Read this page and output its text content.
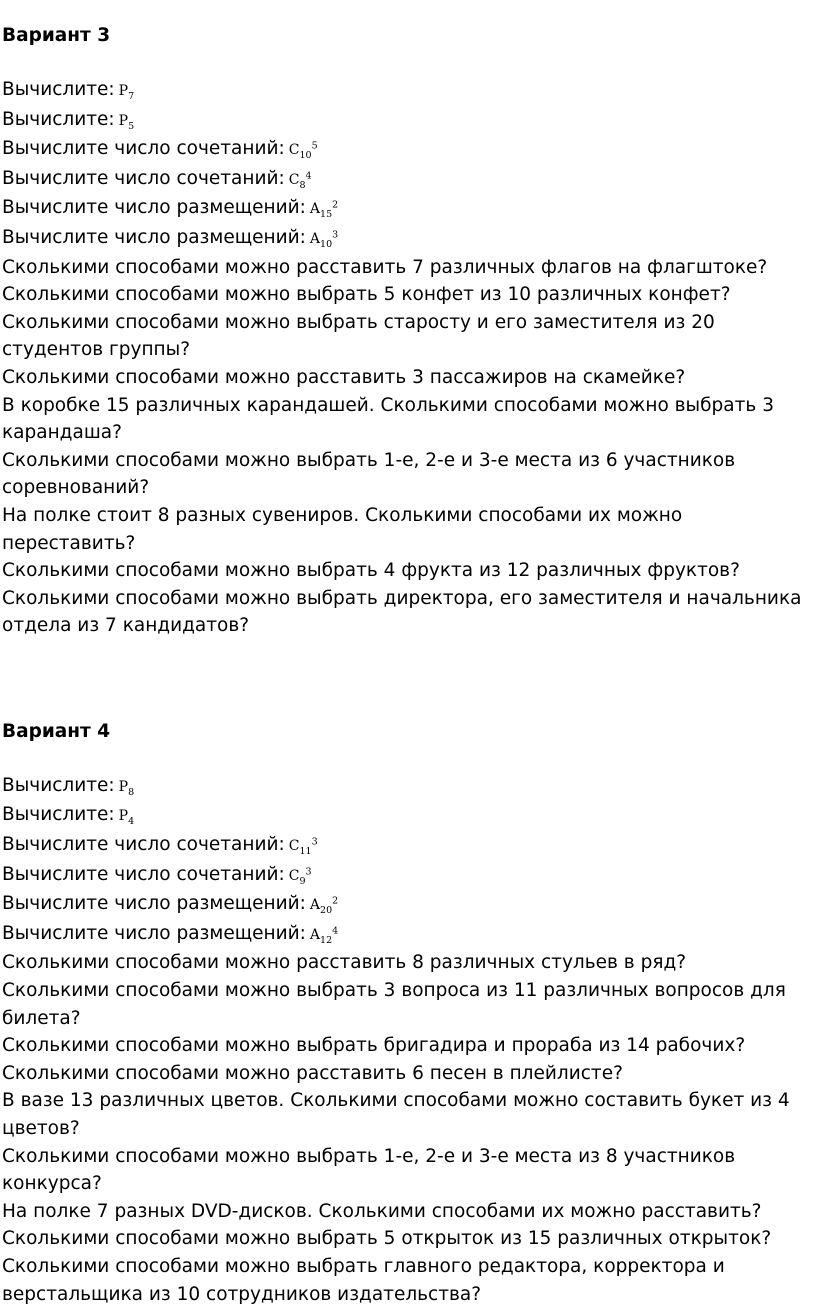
Вариант 3

Вычислите: $P_7$

Вычислите: $P_5$

Вычислите число сочетаний: $C_{10}^5$

Вычислите число сочетаний: $C_8^4$

Вычислите число размещений: $A_{15}^2$

Вычислите число размещений: $A_{10}^3$

Сколькими способами можно расставить 7 различных флагов на флагштоке?

Сколькими способами можно выбрать 5 конфет из 10 различных конфет?

Сколькими способами можно выбрать старосту и его заместителя из 20 студентов группы?

Сколькими способами можно расставить 3 пассажиров на скамейке?

В коробке 15 различных карандашей. Сколькими способами можно выбрать 3 карандаша?

Сколькими способами можно выбрать 1-е, 2-е и 3-е места из 6 участников соревнований?

На полке стоит 8 разных сувениров. Сколькими способами их можно переставить?

Сколькими способами можно выбрать 4 фрукта из 12 различных фруктов?

Сколькими способами можно выбрать директора, его заместителя и начальника отдела из 7 кандидатов?

Вариант 4

Вычислите: $P_8$

Вычислите: $P_4$

Вычислите число сочетаний: $C_{11}^3$

Вычислите число сочетаний: $C_9^3$

Вычислите число размещений: $A_{20}^2$

Вычислите число размещений: $A_{12}^4$

Сколькими способами можно расставить 8 различных стульев в ряд?

Сколькими способами можно выбрать 3 вопроса из 11 различных вопросов для билета?

Сколькими способами можно выбрать бригадира и прораба из 14 рабочих?

Сколькими способами можно расставить 6 песен в плейлисте?

В вазе 13 различных цветов. Сколькими способами можно составить букет из 4 цветов?

Сколькими способами можно выбрать 1-е, 2-е и 3-е места из 8 участников конкурса?

На полке 7 разных DVD-дисков. Сколькими способами их можно расставить?

Сколькими способами можно выбрать 5 открыток из 15 различных открыток?

Сколькими способами можно выбрать главного редактора, корректора и верстальщика из 10 сотрудников издательства?
